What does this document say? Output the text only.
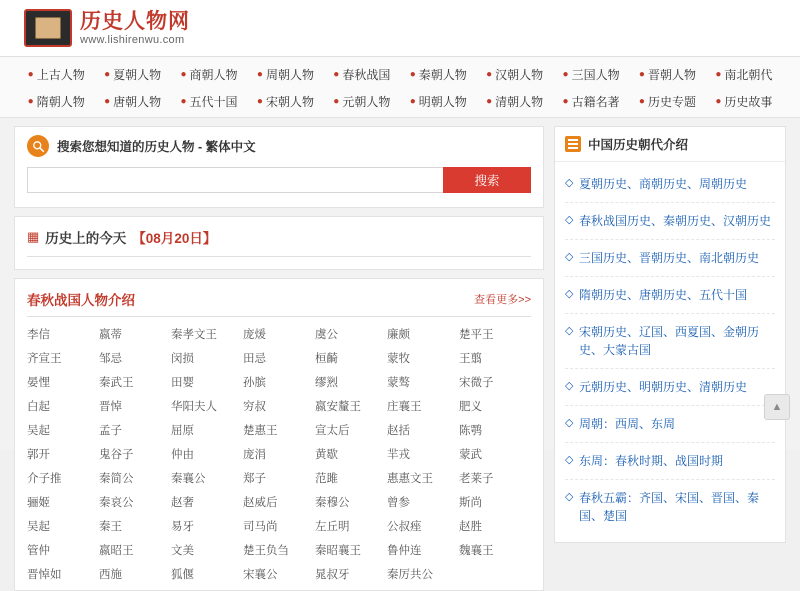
历史人物网
www.lishirenwu.com
● 上古人物 ● 夏朝人物 ● 商朝人物 ● 周朝人物 ● 春秋战国 ● 秦朝人物 ● 汉朝人物 ● 三国人物 ● 晋朝人物 ● 南北朝代
● 隋朝人物 ● 唐朝人物 ● 五代十国 ● 宋朝人物 ● 元朝人物 ● 明朝人物 ● 清朝人物 ● 古籍名著 ● 历史专题 ● 历史故事
搜索您想知道的历史人物 - 繁体中文
搜索
▦ 历史上的今天 【08月20日】
春秋战国人物介绍	查看更多>>
李信	嬴蒂	秦孝文王	庞煖	虞公	廉颇	楚平王
齐宣王	邹忌	闵损	田忌	桓齮	蒙牧	王翦
晏悝	秦武王	田婴	孙膑	缪煭	蒙骜	宋微子
白起	晋悼	华阳夫人	穷叔	嬴安釐王	庄襄王	肥义
吴起	孟子	屈原	楚惠王	宣太后	赵括	陈鹗
郭开	鬼谷子	仲由	庞涓	黄歇	羋戎	蒙武
介子推	秦简公	秦襄公	郑子	范雎	惠惠文王	老莱子
骊姬	秦哀公	赵奢	赵威后	秦穆公	曾参	斯尚
吴起	秦王	易牙	司马尚	左丘明	公叔痤	赵胜
管仲	嬴昭王	文美	楚王负刍	秦昭襄王	鲁仲连	魏襄王
晋悼如	西施	狐偃	宋襄公	晁叔牙	秦厉共公
中国历史朝代介绍
◇ 夏朝历史、商朝历史、周朝历史
◇ 春秋战国历史、秦朝历史、汉朝历史
◇ 三国历史、晋朝历史、南北朝历史
◇ 隋朝历史、唐朝历史、五代十国
◇ 宋朝历史、辽国、西夏国、金朝历史、大蒙古国
◇ 元朝历史、明朝历史、清朝历史
◇ 周朝：西周、东周
◇ 东周：春秋时期、战国时期
◇ 春秋五霸：齐国、宋国、晋国、秦国、楚国
▲
